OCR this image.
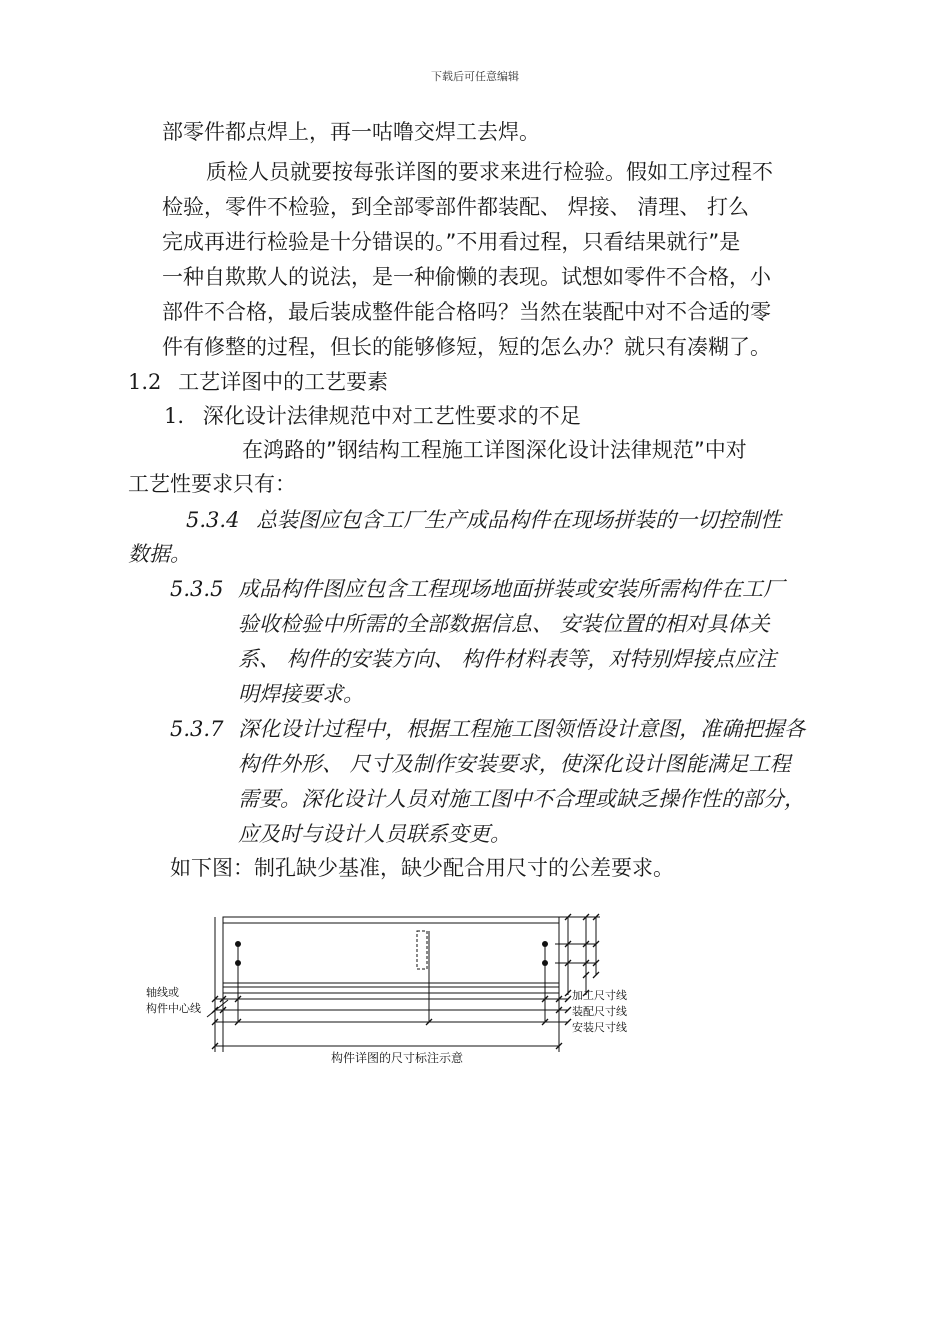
下载后可任意编辑
部零件都点焊上，再一咕噜交焊工去焊。
质检人员就要按每张详图的要求来进行检验。假如工序过程不
检验，零件不检验，到全部零部件都装配、 焊接、 清理、 打么
完成再进行检验是十分错误的。”不用看过程，只看结果就行”是
一种自欺欺人的说法，是一种偷懒的表现。试想如零件不合格，小
部件不合格，最后装成整件能合格吗？当然在装配中对不合适的零
件有修整的过程，但长的能够修短，短的怎么办？就只有凑糊了。
1.2 工艺详图中的工艺要素
1. 深化设计法律规范中对工艺性要求的不足
在鸿路的”钢结构工程施工详图深化设计法律规范”中对
工艺性要求只有：
5.3.4 总装图应包含工厂生产成品构件在现场拼装的一切控制性
数据。
5.3.5 成品构件图应包含工程现场地面拼装或安装所需构件在工厂
验收检验中所需的全部数据信息、 安装位置的相对具体关
系、 构件的安装方向、 构件材料表等，对特别焊接点应注
明焊接要求。
5.3.7 深化设计过程中，根据工程施工图领悟设计意图，准确把握各
构件外形、 尺寸及制作安装要求，使深化设计图能满足工程
需要。深化设计人员对施工图中不合理或缺乏操作性的部分，
应及时与设计人员联系变更。
如下图：制孔缺少基准，缺少配合用尺寸的公差要求。
轴线或
构件中心线
加工尺寸线
装配尺寸线
安装尺寸线
构件详图的尺寸标注示意
